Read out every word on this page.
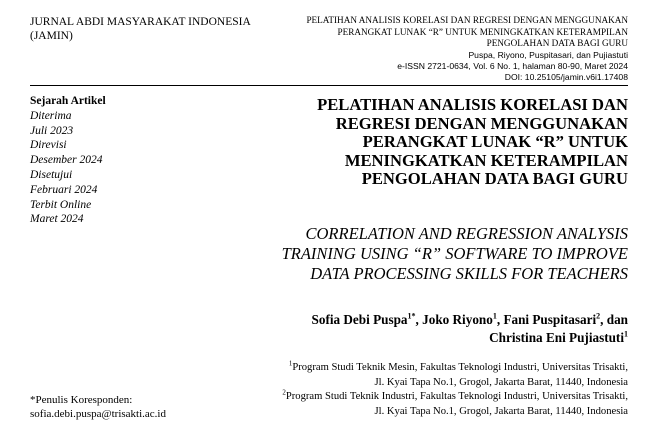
JURNAL ABDI MASYARAKAT INDONESIA
(JAMIN)
PELATIHAN ANALISIS KORELASI DAN REGRESI DENGAN MENGGUNAKAN
PERANGKAT LUNAK “R” UNTUK MENINGKATKAN KETERAMPILAN
PENGOLAHAN DATA BAGI GURU
Puspa, Riyono, Puspitasari, dan Pujiastuti
e-ISSN 2721-0634, Vol. 6 No. 1, halaman 80-90, Maret 2024
DOI: 10.25105/jamin.v6i1.17408
Sejarah Artikel
Diterima
Juli 2023
Direvisi
Desember 2024
Disetujui
Februari 2024
Terbit Online
Maret 2024
PELATIHAN ANALISIS KORELASI DAN
REGRESI DENGAN MENGGUNAKAN
PERANGKAT LUNAK “R” UNTUK
MENINGKATKAN KETERAMPILAN
PENGOLAHAN DATA BAGI GURU
CORRELATION AND REGRESSION ANALYSIS
TRAINING USING “R” SOFTWARE TO IMPROVE
DATA PROCESSING SKILLS FOR TEACHERS
Sofia Debi Puspa$^{1*}$, Joko Riyono$^1$, Fani Puspitasari$^2$, dan
Christina Eni Pujiastuti$^1$
$^1$Program Studi Teknik Mesin, Fakultas Teknologi Industri, Universitas Trisakti,
Jl. Kyai Tapa No.1, Grogol, Jakarta Barat, 11440, Indonesia
$^2$Program Studi Teknik Industri, Fakultas Teknologi Industri, Universitas Trisakti,
Jl. Kyai Tapa No.1, Grogol, Jakarta Barat, 11440, Indonesia
*Penulis Koresponden:
sofia.debi.puspa@trisakti.ac.id
